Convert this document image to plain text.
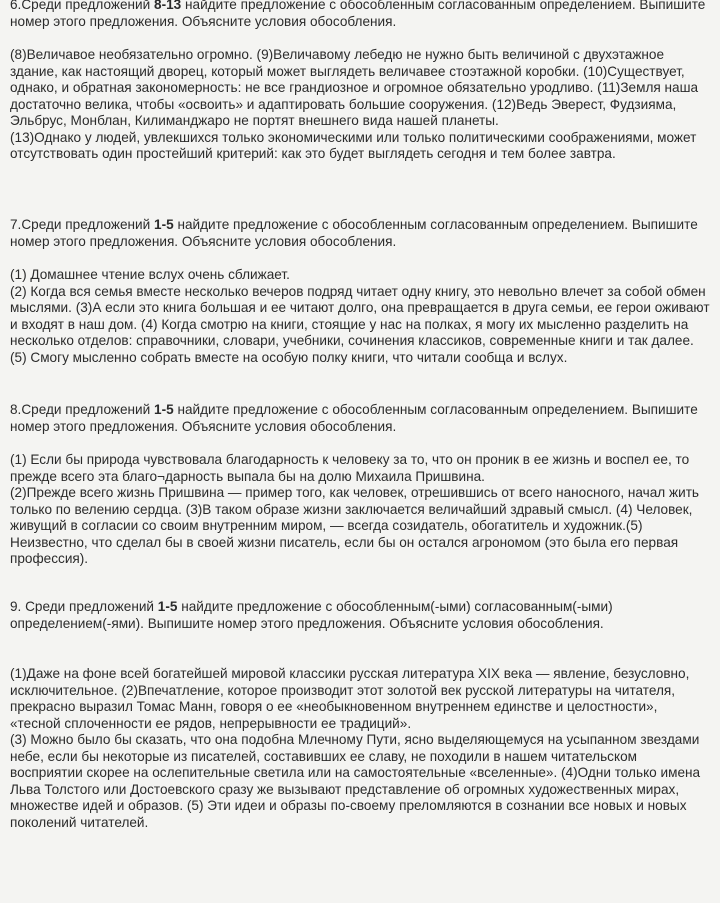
6.Среди предложений 8-13 найдите предложение с обособленным согласованным определением. Выпишите номер этого предложения. Объясните условия обособления.

(8)Величавое необязательно огромно. (9)Величавому лебедю не нужно быть величиной с двухэтажное здание, как настоящий дворец, который может выглядеть величавее стоэтажной коробки. (10)Существует, однако, и обратная закономерность: не все грандиозное и огромное обязательно уродливо. (11)Земля наша достаточно велика, чтобы «освоить» и адаптировать большие сооружения. (12)Ведь Эверест, Фудзияма, Эльбрус, Монблан, Килиманджаро не портят внешнего вида нашей планеты.

(13)Однако у людей, увлекшихся только экономическими или только политическими соображениями, может отсутствовать один простейший критерий: как это будет выглядеть сегодня и тем более завтра.

7.Среди предложений 1-5 найдите предложение с обособленным согласованным определением. Выпишите номер этого предложения. Объясните условия обособления.

(1) Домашнее чтение вслух очень сближает.

(2) Когда вся семья вместе несколько вечеров подряд читает одну книгу, это невольно влечет за собой обмен мыслями. (3)А если это книга большая и ее читают долго, она превращается в друга семьи, ее герои оживают и входят в наш дом. (4) Когда смотрю на книги, стоящие у нас на полках, я могу их мысленно разделить на несколько отделов: справочники, словари, учебники, сочинения классиков, современные книги и так далее. (5) Смогу мысленно собрать вместе на особую полку книги, что читали сообща и вслух.

8.Среди предложений 1-5 найдите предложение с обособленным согласованным определением. Выпишите номер этого предложения. Объясните условия обособления.

(1) Если бы природа чувствовала благодарность к человеку за то, что он проник в ее жизнь и воспел ее, то прежде всего эта благо¬дарность выпала бы на долю Михаила Пришвина.

(2)Прежде всего жизнь Пришвина — пример того, как человек, отрешившись от всего наносного, начал жить только по велению сердца. (3)В таком образе жизни заключается величайший здравый смысл. (4) Человек, живущий в согласии со своим внутренним миром, — всегда созидатель, обогатитель и художник.(5) Неизвестно, что сделал бы в своей жизни писатель, если бы он остался агрономом (это была его первая профессия).

9. Среди предложений 1-5 найдите предложение с обособленным(-ыми) согласованным(-ыми) определением(-ями). Выпишите номер этого предложения. Объясните условия обособления.

(1)Даже на фоне всей богатейшей мировой классики русская литература XIX века — явление, безусловно, исключительное. (2)Впечатление, которое производит этот золотой век русской литературы на читателя, прекрасно выразил Томас Манн, говоря о ее «необыкновенном внутреннем единстве и целостности», «тесной сплоченности ее рядов, непрерывности ее традиций».

(3) Можно было бы сказать, что она подобна Млечному Пути, ясно выделяющемуся на усыпанном звездами небе, если бы некоторые из писателей, составивших ее славу, не походили в нашем читательском восприятии скорее на ослепительные светила или на самостоятельные «вселенные». (4)Одни только имена Льва Толстого или Достоевского сразу же вызывают представление об огромных художественных мирах, множестве идей и образов. (5) Эти идеи и образы по-своему преломляются в сознании все новых и новых поколений читателей.
